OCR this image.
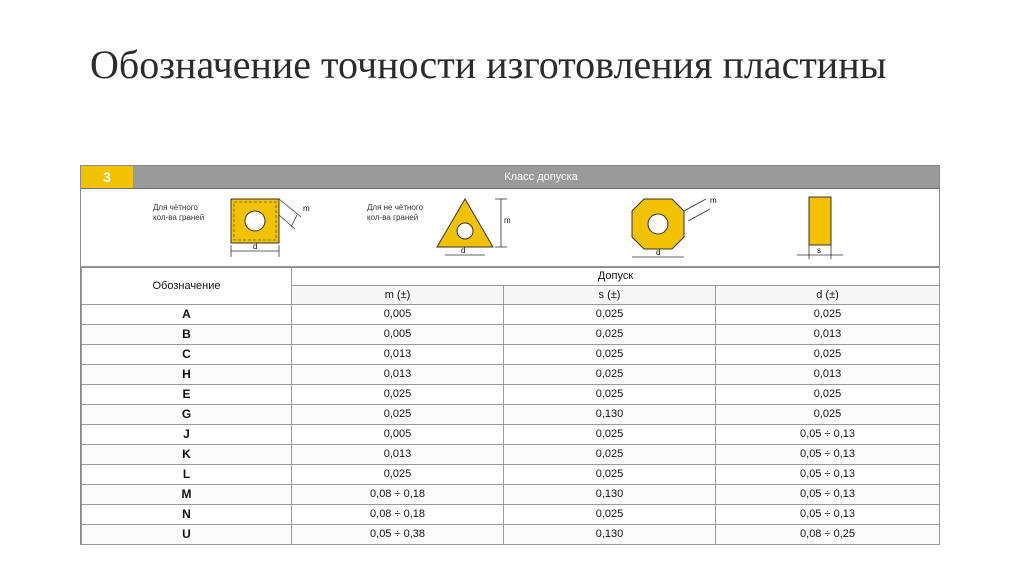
Обозначение точности изготовления пластины
3	Класс допуска
Для чётного
кол-ва граней
d
m	Для не чётного
кол-ва граней
d
m
d
m
s
Обозначение	Допуск		
	m (±)	s (±)	d (±)
A	0,005	0,025	0,025
B	0,005	0,025	0,013
C	0,013	0,025	0,025
H	0,013	0,025	0,013
E	0,025	0,025	0,025
G	0,025	0,130	0,025
J	0,005	0,025	0,05 ÷ 0,13
K	0,013	0,025	0,05 ÷ 0,13
L	0,025	0,025	0,05 ÷ 0,13
M	0,08 ÷ 0,18	0,130	0,05 ÷ 0,13
N	0,08 ÷ 0,18	0,025	0,05 ÷ 0,13
U	0,05 ÷ 0,38	0,130	0,08 ÷ 0,25
